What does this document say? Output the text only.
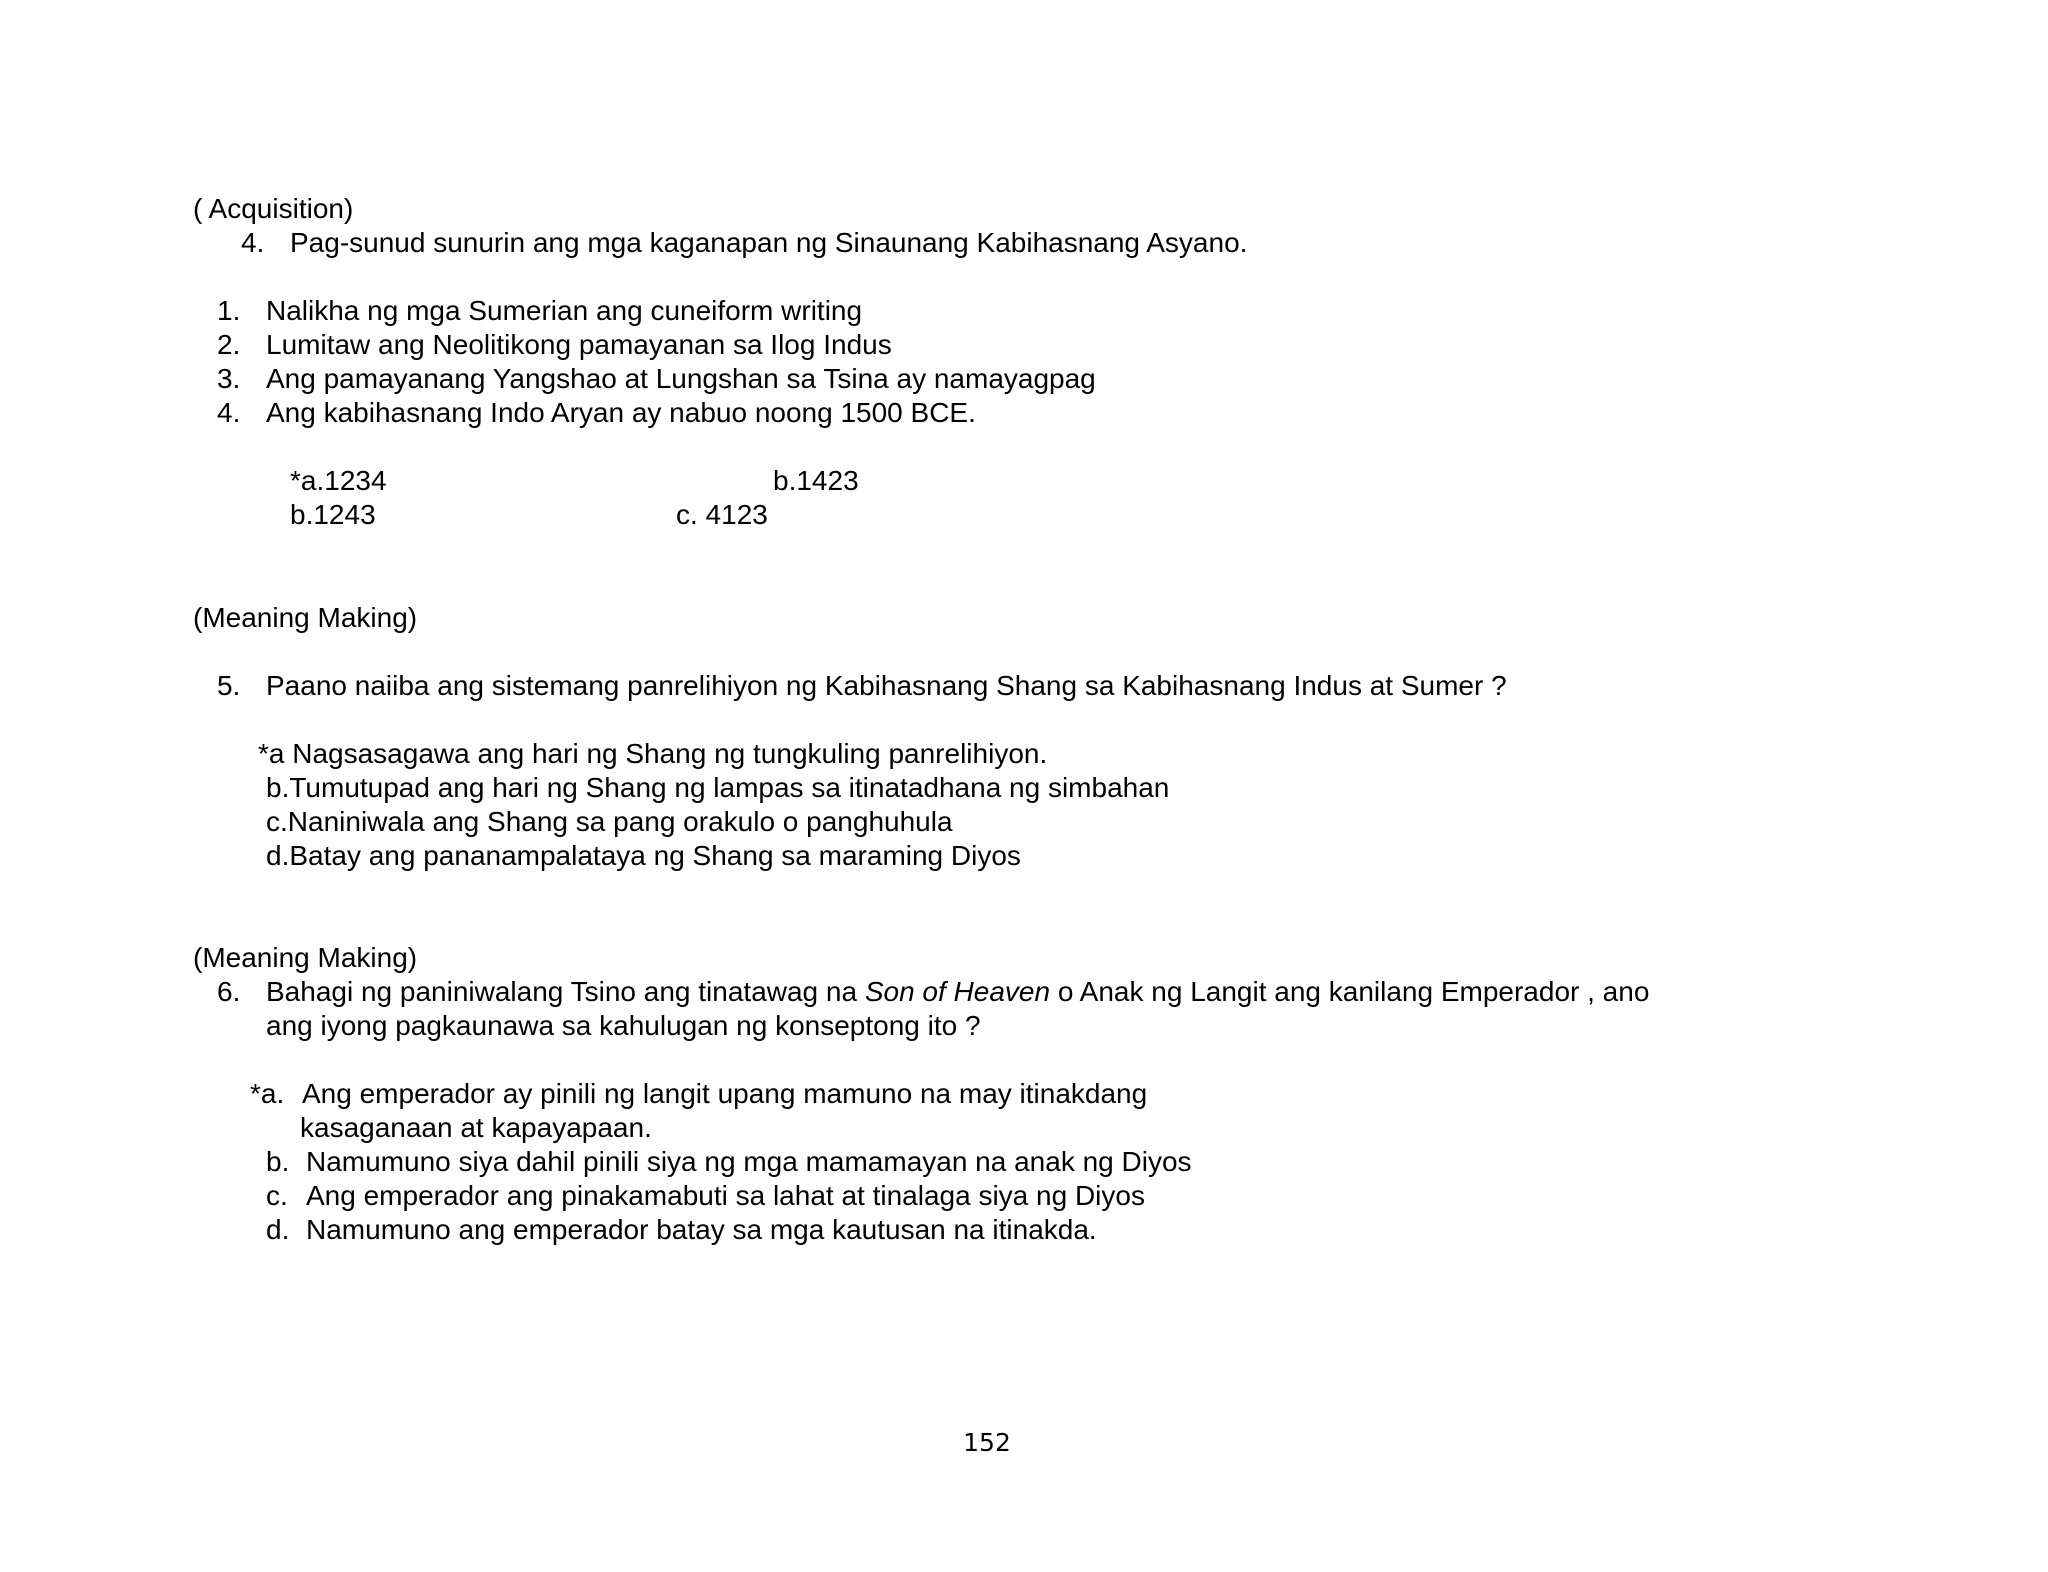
( Acquisition)
4. Pag-sunud sunurin ang mga kaganapan ng Sinaunang Kabihasnang Asyano.
1. Nalikha ng mga Sumerian ang cuneiform writing
2. Lumitaw ang Neolitikong pamayanan sa Ilog Indus
3. Ang pamayanang Yangshao at Lungshan sa Tsina ay namayagpag
4. Ang kabihasnang Indo Aryan ay nabuo noong 1500 BCE.
*a.1234	b.1423
b.1243	c. 4123
(Meaning Making)
5. Paano naiiba ang sistemang panrelihiyon ng Kabihasnang Shang sa Kabihasnang Indus at Sumer ?
*a Nagsasagawa ang hari ng Shang ng tungkuling panrelihiyon.
b.Tumutupad ang hari ng Shang ng lampas sa itinatadhana ng simbahan
c.Naniniwala ang Shang sa pang orakulo o panghuhula
d.Batay ang pananampalataya ng Shang sa maraming Diyos
(Meaning Making)
6. Bahagi ng paniniwalang Tsino ang tinatawag na Son of Heaven o Anak ng Langit ang kanilang Emperador , ano
ang iyong pagkaunawa sa kahulugan ng konseptong ito ?
*a. Ang emperador ay pinili ng langit upang mamuno na may itinakdang
kasaganaan at kapayapaan.
b. Namumuno siya dahil pinili siya ng mga mamamayan na anak ng Diyos
c. Ang emperador ang pinakamabuti sa lahat at tinalaga siya ng Diyos
d. Namumuno ang emperador batay sa mga kautusan na itinakda.
152
